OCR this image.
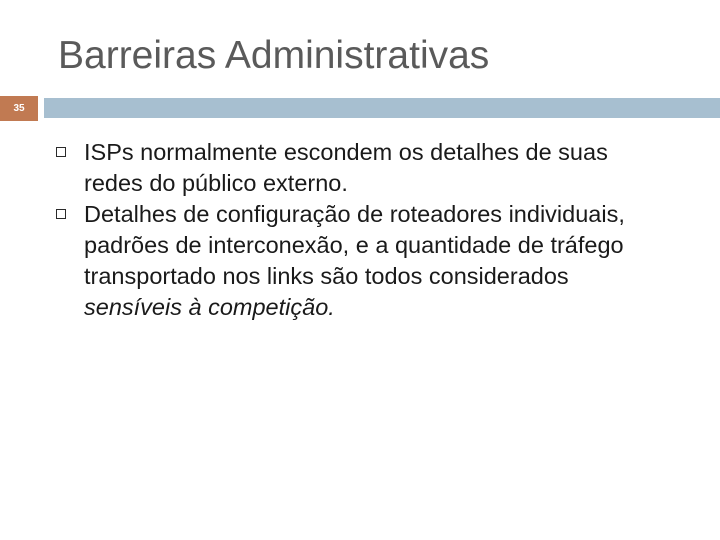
Barreiras Administrativas
35
ISPs normalmente escondem os detalhes de suas redes do público externo.
Detalhes de configuração de roteadores individuais, padrões de interconexão, e a quantidade de tráfego transportado nos links são todos considerados sensíveis à competição.
